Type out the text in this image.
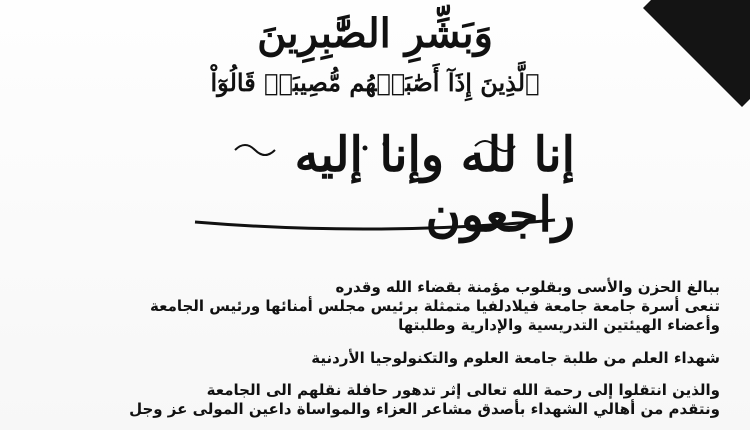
وَبَشِّرِ الصَّٰبِرِينَ
ٱلَّذِينَ إِذَآ أَصَٰبَتۡهُم مُّصِيبَةٞ قَالُوٓاْ
إنا لله وإنا إليه راجعون
ببالغ الحزن والأسى وبقلوب مؤمنة بقضاء الله وقدره
تنعى أسرة جامعة جامعة فيلادلفيا متمثلة برئيس مجلس أمنائها ورئيس الجامعة
وأعضاء الهيئتين التدريسية والإدارية وطلبتها
شهداء العلم من طلبة جامعة العلوم والتكنولوجيا الأردنية
والذين انتقلوا إلى رحمة الله تعالى إثر تدهور حافلة نقلهم الى الجامعة
ونتقدم من أهالي الشهداء بأصدق مشاعر العزاء والمواساة داعين المولى عز وجل
